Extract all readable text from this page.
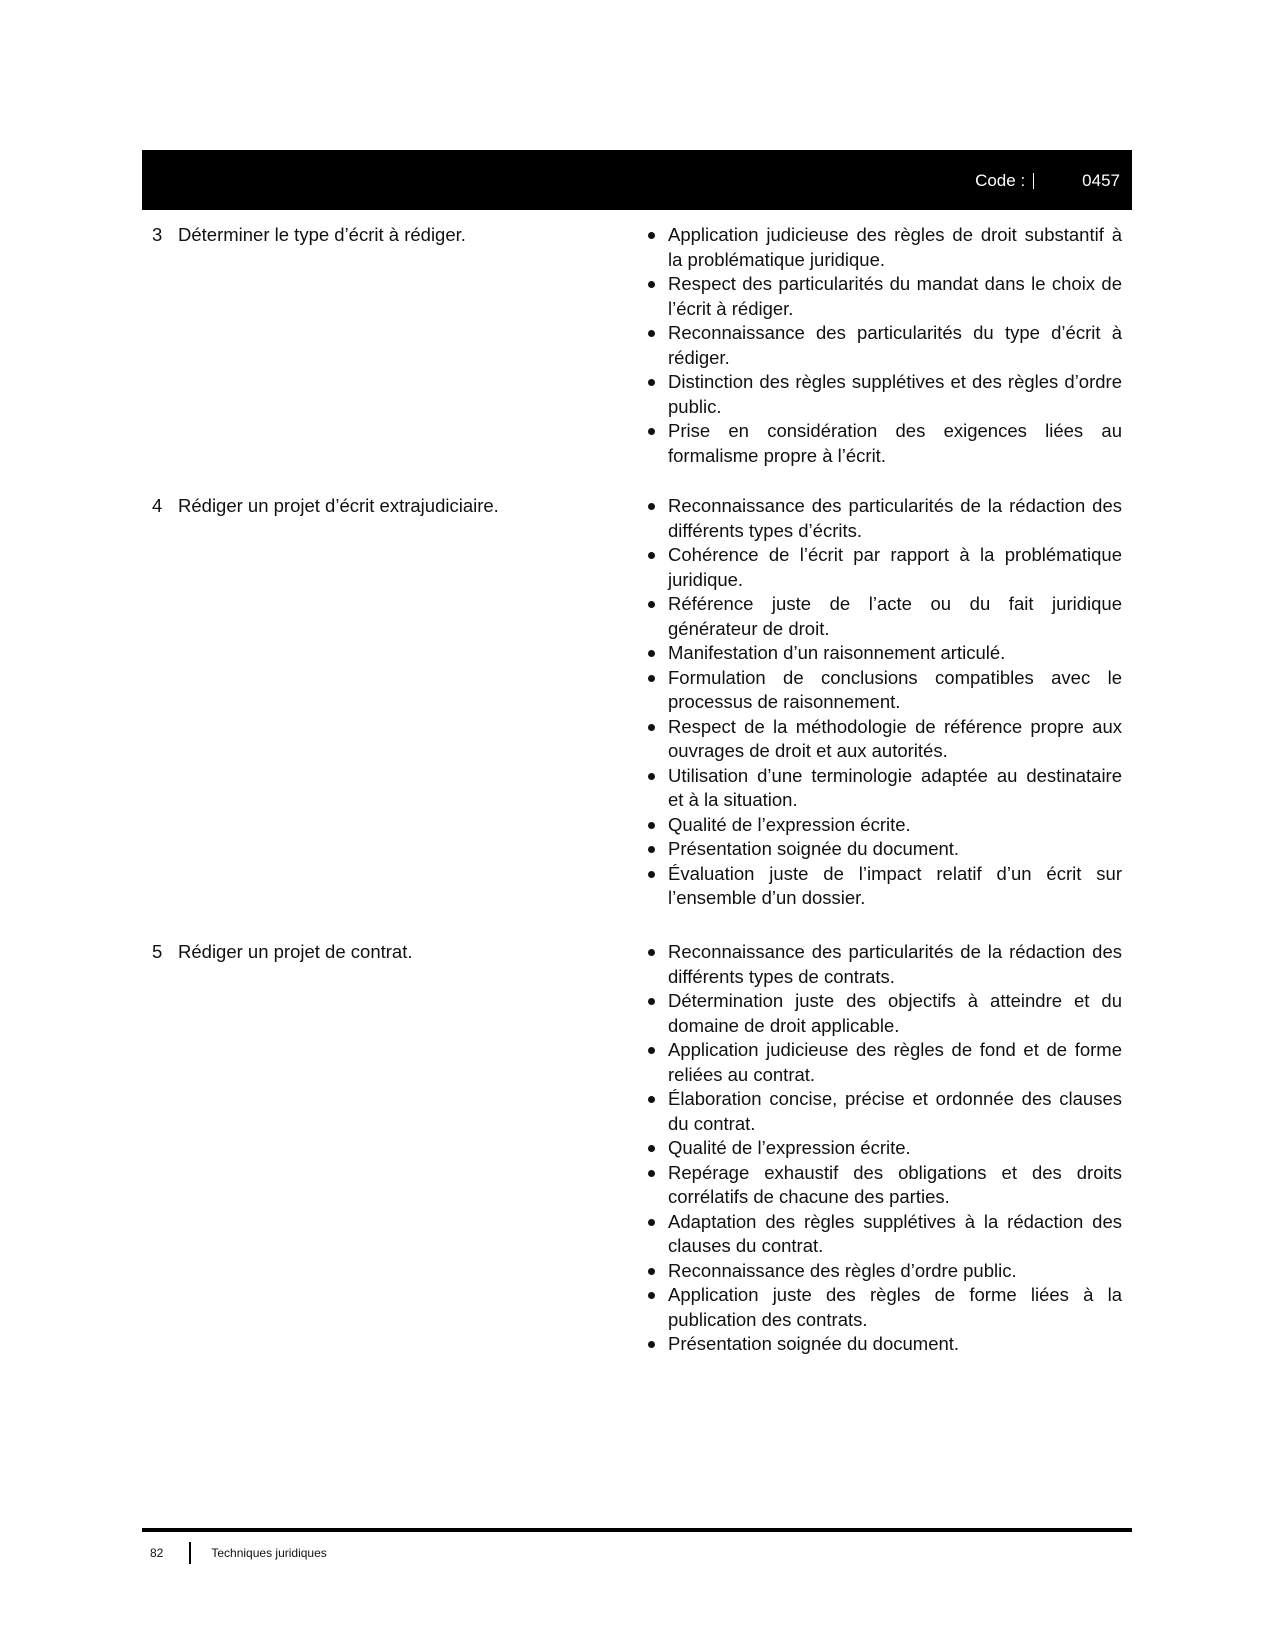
Code :	0457
3 Déterminer le type d’écrit à rédiger.	Application judicieuse des règles de droit substantif à la problématique juridique.
Respect des particularités du mandat dans le choix de l’écrit à rédiger.
Reconnaissance des particularités du type d’écrit à rédiger.
Distinction des règles supplétives et des règles d’ordre public.
Prise en considération des exigences liées au formalisme propre à l’écrit.
4 Rédiger un projet d’écrit extrajudiciaire.	Reconnaissance des particularités de la rédaction des différents types d’écrits.
Cohérence de l’écrit par rapport à la problématique juridique.
Référence juste de l’acte ou du fait juridique générateur de droit.
Manifestation d’un raisonnement articulé.
Formulation de conclusions compatibles avec le processus de raisonnement.
Respect de la méthodologie de référence propre aux ouvrages de droit et aux autorités.
Utilisation d’une terminologie adaptée au destinataire et à la situation.
Qualité de l’expression écrite.
Présentation soignée du document.
Évaluation juste de l’impact relatif d’un écrit sur l’ensemble d’un dossier.
5 Rédiger un projet de contrat.	Reconnaissance des particularités de la rédaction des différents types de contrats.
Détermination juste des objectifs à atteindre et du domaine de droit applicable.
Application judicieuse des règles de fond et de forme reliées au contrat.
Élaboration concise, précise et ordonnée des clauses du contrat.
Qualité de l’expression écrite.
Repérage exhaustif des obligations et des droits corrélatifs de chacune des parties.
Adaptation des règles supplétives à la rédaction des clauses du contrat.
Reconnaissance des règles d’ordre public.
Application juste des règles de forme liées à la publication des contrats.
Présentation soignée du document.
82	Techniques juridiques
